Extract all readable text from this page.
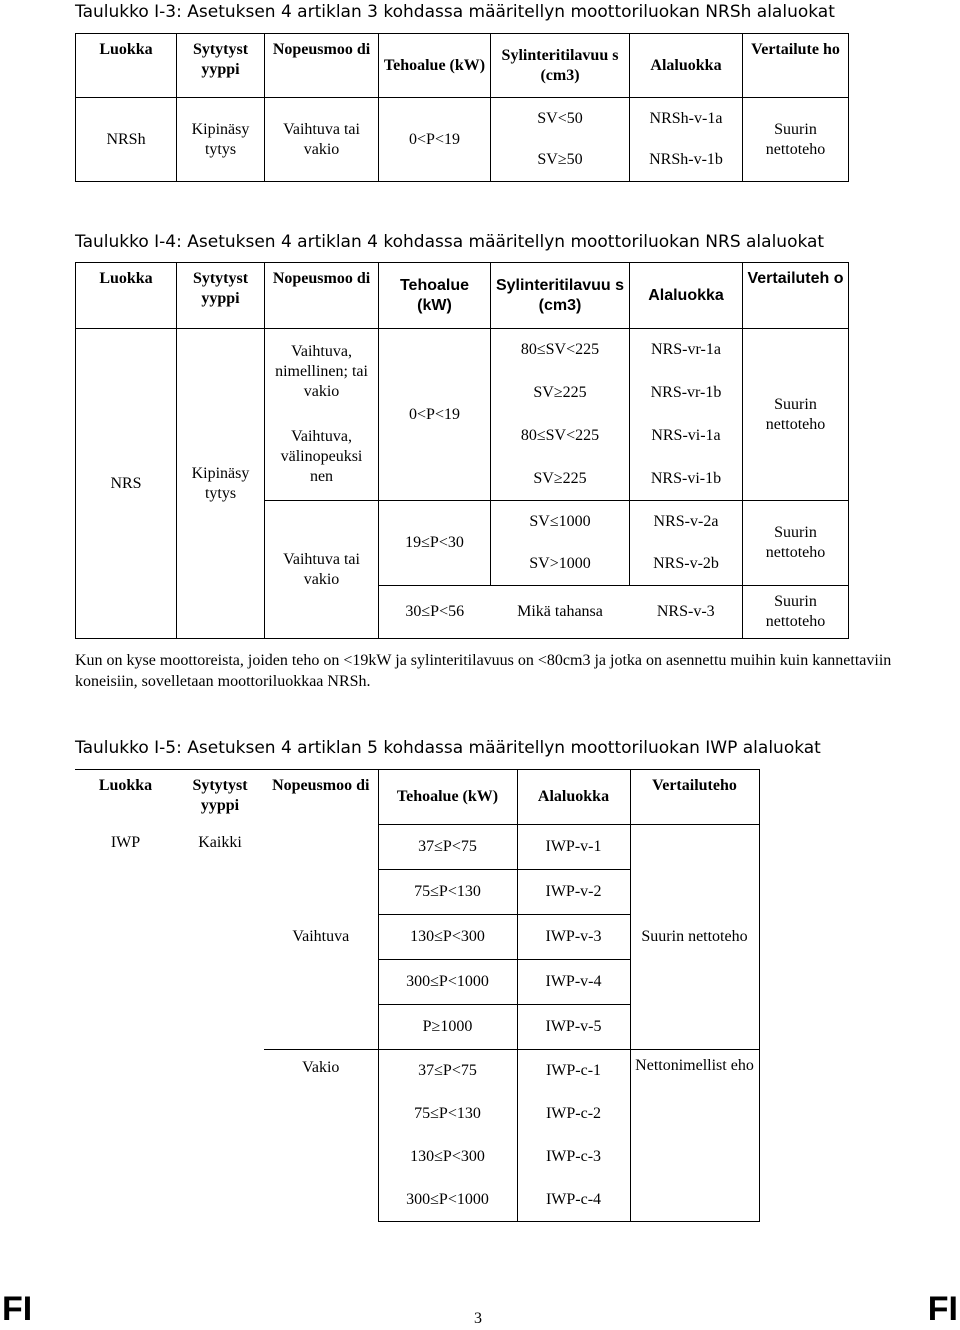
Taulukko I-3: Asetuksen 4 artiklan 3 kohdassa määritellyn moottoriluokan NRSh alaluokat
Luokka	Sytytyst yyppi	Nopeusmoo di	Tehoalue (kW)	Sylinteritilavuu s (cm3)	Alaluokka	Vertailute ho
NRSh	Kipinäsy tytys	Vaihtuva tai vakio	0<P<19	SV<50	NRSh-v-1a	Suurin nettoteho
				SV≥50	NRSh-v-1b	
Taulukko I-4: Asetuksen 4 artiklan 4 kohdassa määritellyn moottoriluokan NRS alaluokat
Luokka	Sytytyst yyppi	Nopeusmoo di	Tehoalue (kW)	Sylinteritilavuu s (cm3)	Alaluokka	Vertailuteh o
NRS	Kipinäsy tytys	Vaihtuva, nimellinen; tai vakio	0<P<19	80≤SV<225	NRS-vr-1a	Suurin nettoteho
				SV≥225	NRS-vr-1b	
		Vaihtuva, välinopeuksi nen		80≤SV<225	NRS-vi-1a	
				SV≥225	NRS-vi-1b	
		Vaihtuva tai vakio	19≤P<30	SV≤1000	NRS-v-2a	Suurin nettoteho
				SV>1000	NRS-v-2b	
			30≤P<56	Mikä tahansa	NRS-v-3	Suurin nettoteho
Kun on kyse moottoreista, joiden teho on <19kW ja sylinteritilavuus on <80cm3 ja jotka on asennettu muihin kuin kannettaviin koneisiin, sovelletaan moottoriluokkaa NRSh.
Taulukko I-5: Asetuksen 4 artiklan 5 kohdassa määritellyn moottoriluokan IWP alaluokat
Luokka	Sytytyst yyppi	Nopeusmoo di	Tehoalue (kW)	Alaluokka	Vertailuteho
IWP	Kaikki	Vaihtuva	37≤P<75	IWP-v-1	Suurin nettoteho
			75≤P<130	IWP-v-2	
			130≤P<300	IWP-v-3	
			300≤P<1000	IWP-v-4	
			P≥1000	IWP-v-5	
		Vakio	37≤P<75	IWP-c-1	Nettonimellist eho
			75≤P<130	IWP-c-2	
			130≤P<300	IWP-c-3	
			300≤P<1000	IWP-c-4	
FI	3	FI
